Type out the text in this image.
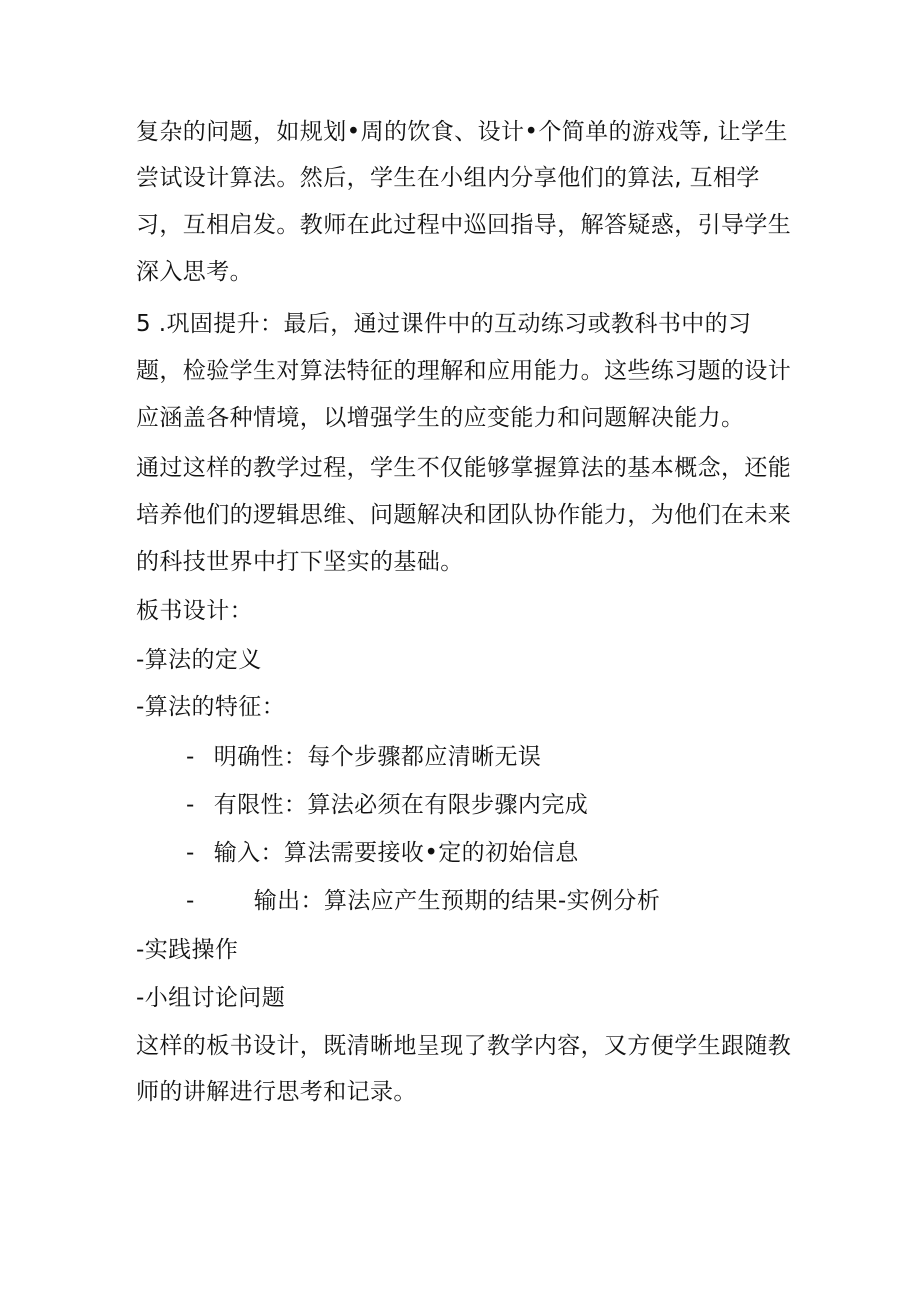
复杂的问题，如规划•周的饮食、设计•个简单的游戏等, 让学生
尝试设计算法。然后，学生在小组内分享他们的算法, 互相学
习，互相启发。教师在此过程中巡回指导，解答疑惑，引导学生
深入思考。
5 .巩固提升：最后，通过课件中的互动练习或教科书中的习
题，检验学生对算法特征的理解和应用能力。这些练习题的设计
应涵盖各种情境，以增强学生的应变能力和问题解决能力。
通过这样的教学过程，学生不仅能够掌握算法的基本概念，还能
培养他们的逻辑思维、问题解决和团队协作能力，为他们在未来
的科技世界中打下坚实的基础。
板书设计：
-算法的定义
-算法的特征：
- 明确性：每个步骤都应清晰无误
- 有限性：算法必须在有限步骤内完成
- 输入：算法需要接收•定的初始信息
-	输出：算法应产生预期的结果-实例分析
-实践操作
-小组讨论问题
这样的板书设计，既清晰地呈现了教学内容，又方便学生跟随教
师的讲解进行思考和记录。
